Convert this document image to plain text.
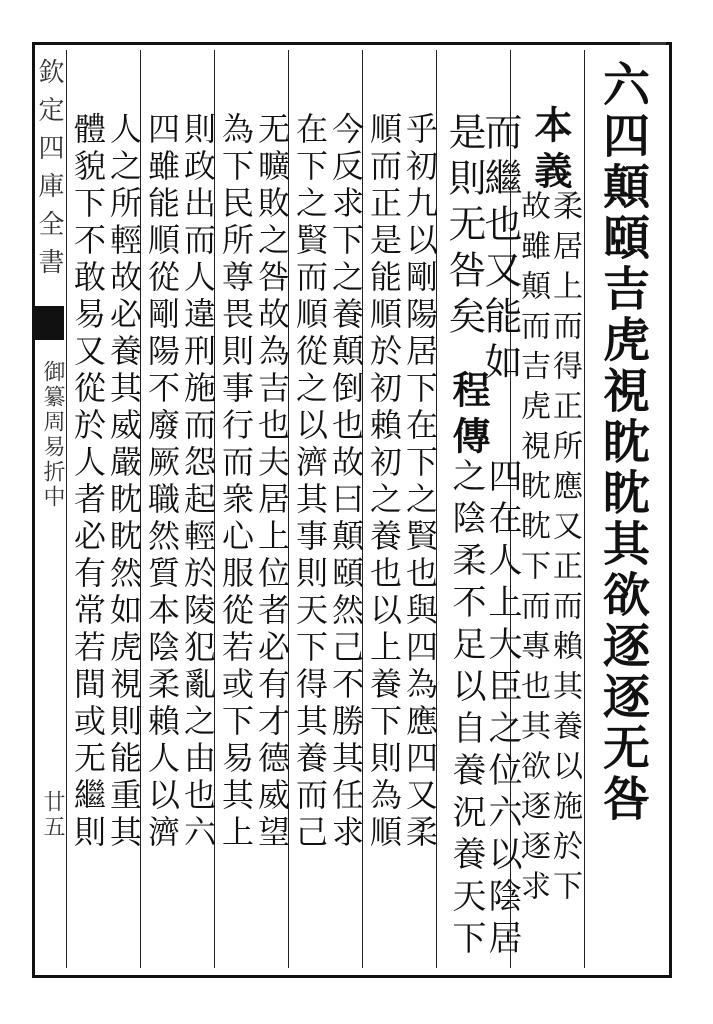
欽定四庫全書
御纂周易折中
廿五	六四顛頤吉虎視眈眈其欲逐逐无咎
本義
柔居上而得正所應又正而賴其養以施於下
故雖顛而吉虎視眈眈下而專也其欲逐逐求
而繼也又能如
是則无咎矣
程傳
四在人上大臣之位六以陰居
之陰柔不足以自養況養天下
乎初九以剛陽居下在下之賢也與四為應四又柔
順而正是能順於初賴初之養也以上養下則為順
今反求下之養顛倒也故曰顛頤然己不勝其任求
在下之賢而順從之以濟其事則天下得其養而己
无曠敗之咎故為吉也夫居上位者必有才德威望
為下民所尊畏則事行而衆心服從若或下易其上
則政出而人違刑施而怨起輕於陵犯亂之由也六
四雖能順從剛陽不廢厥職然質本陰柔賴人以濟
人之所輕故必養其威嚴眈眈然如虎視則能重其
體貌下不敢易又從於人者必有常若間或无繼則
